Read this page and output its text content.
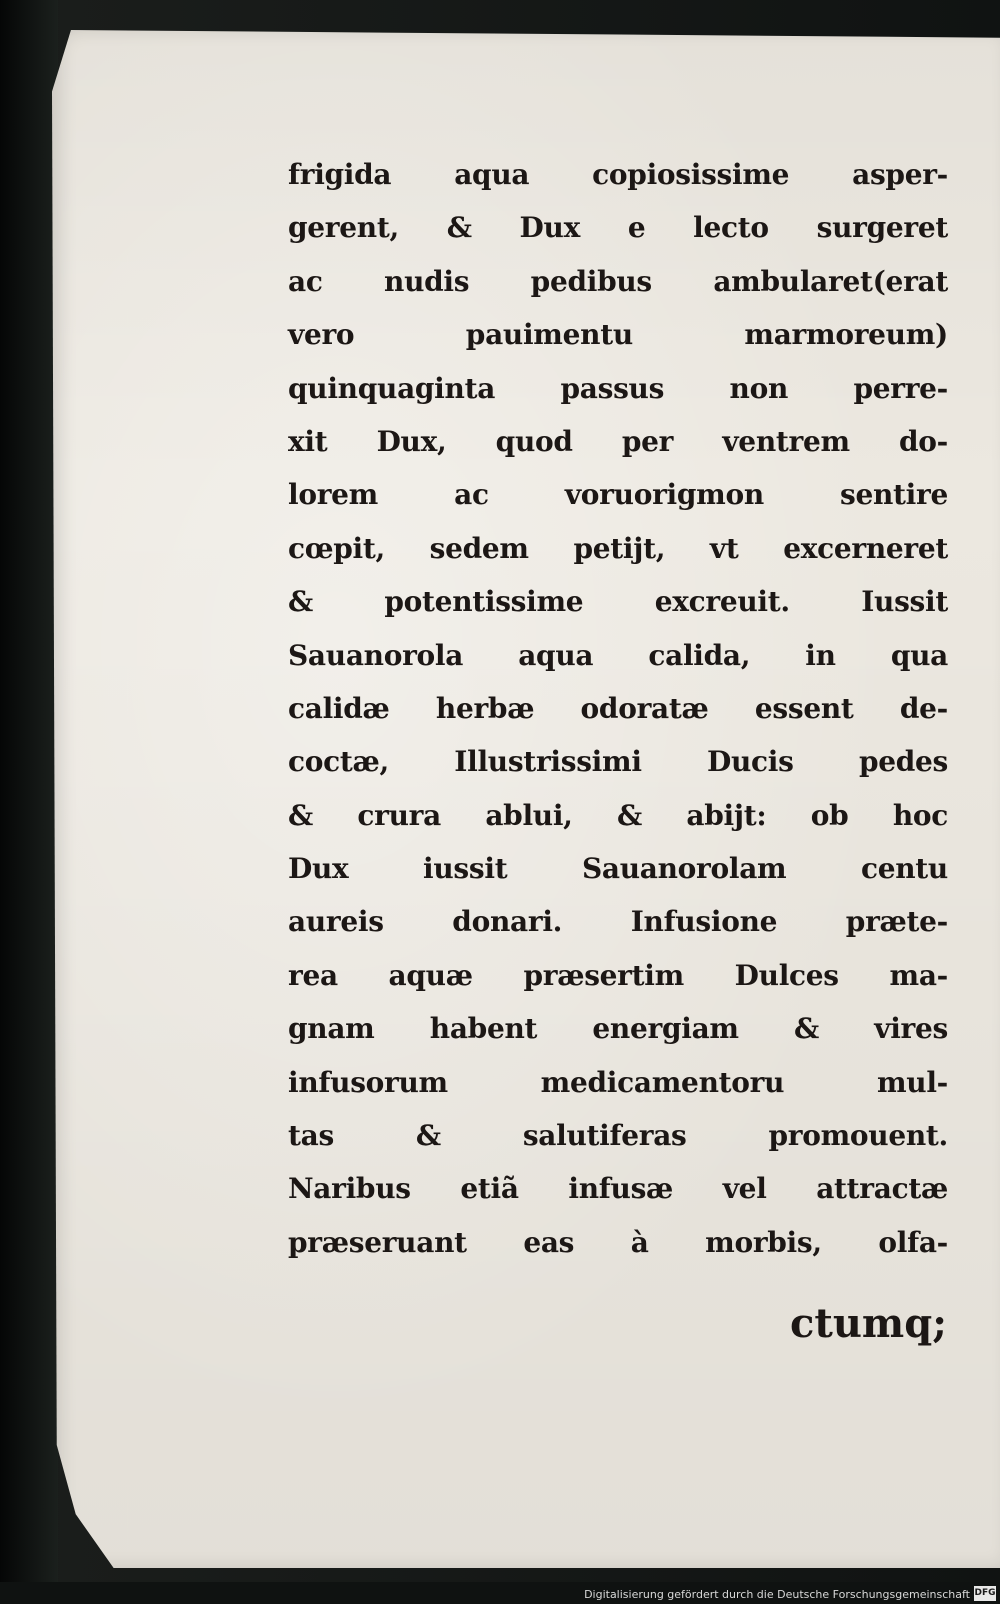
frigida aqua copiosissime asper-
gerent, & Dux e lecto surgeret
ac nudis pedibus ambularet(erat
vero pauimentu marmoreum)
quinquaginta passus non perre-
xit Dux, quod per ventrem do-
lorem ac voruorigmon sentire
cœpit, sedem petijt, vt excerneret
& potentissime excreuit. Iussit
Sauanorola aqua calida, in qua
calidæ herbæ odoratæ essent de-
coctæ, Illustrissimi Ducis pedes
& crura ablui, & abijt: ob hoc
Dux iussit Sauanorolam centu
aureis donari. Infusione præte-
rea aquæ præsertim Dulces ma-
gnam habent energiam & vires
infusorum medicamentoru mul-
tas & salutiferas promouent.
Naribus etiã infusæ vel attractæ
præseruant eas à morbis, olfa-
ctumq;
Digitalisierung gefördert durch die Deutsche Forschungsgemeinschaft DFG
